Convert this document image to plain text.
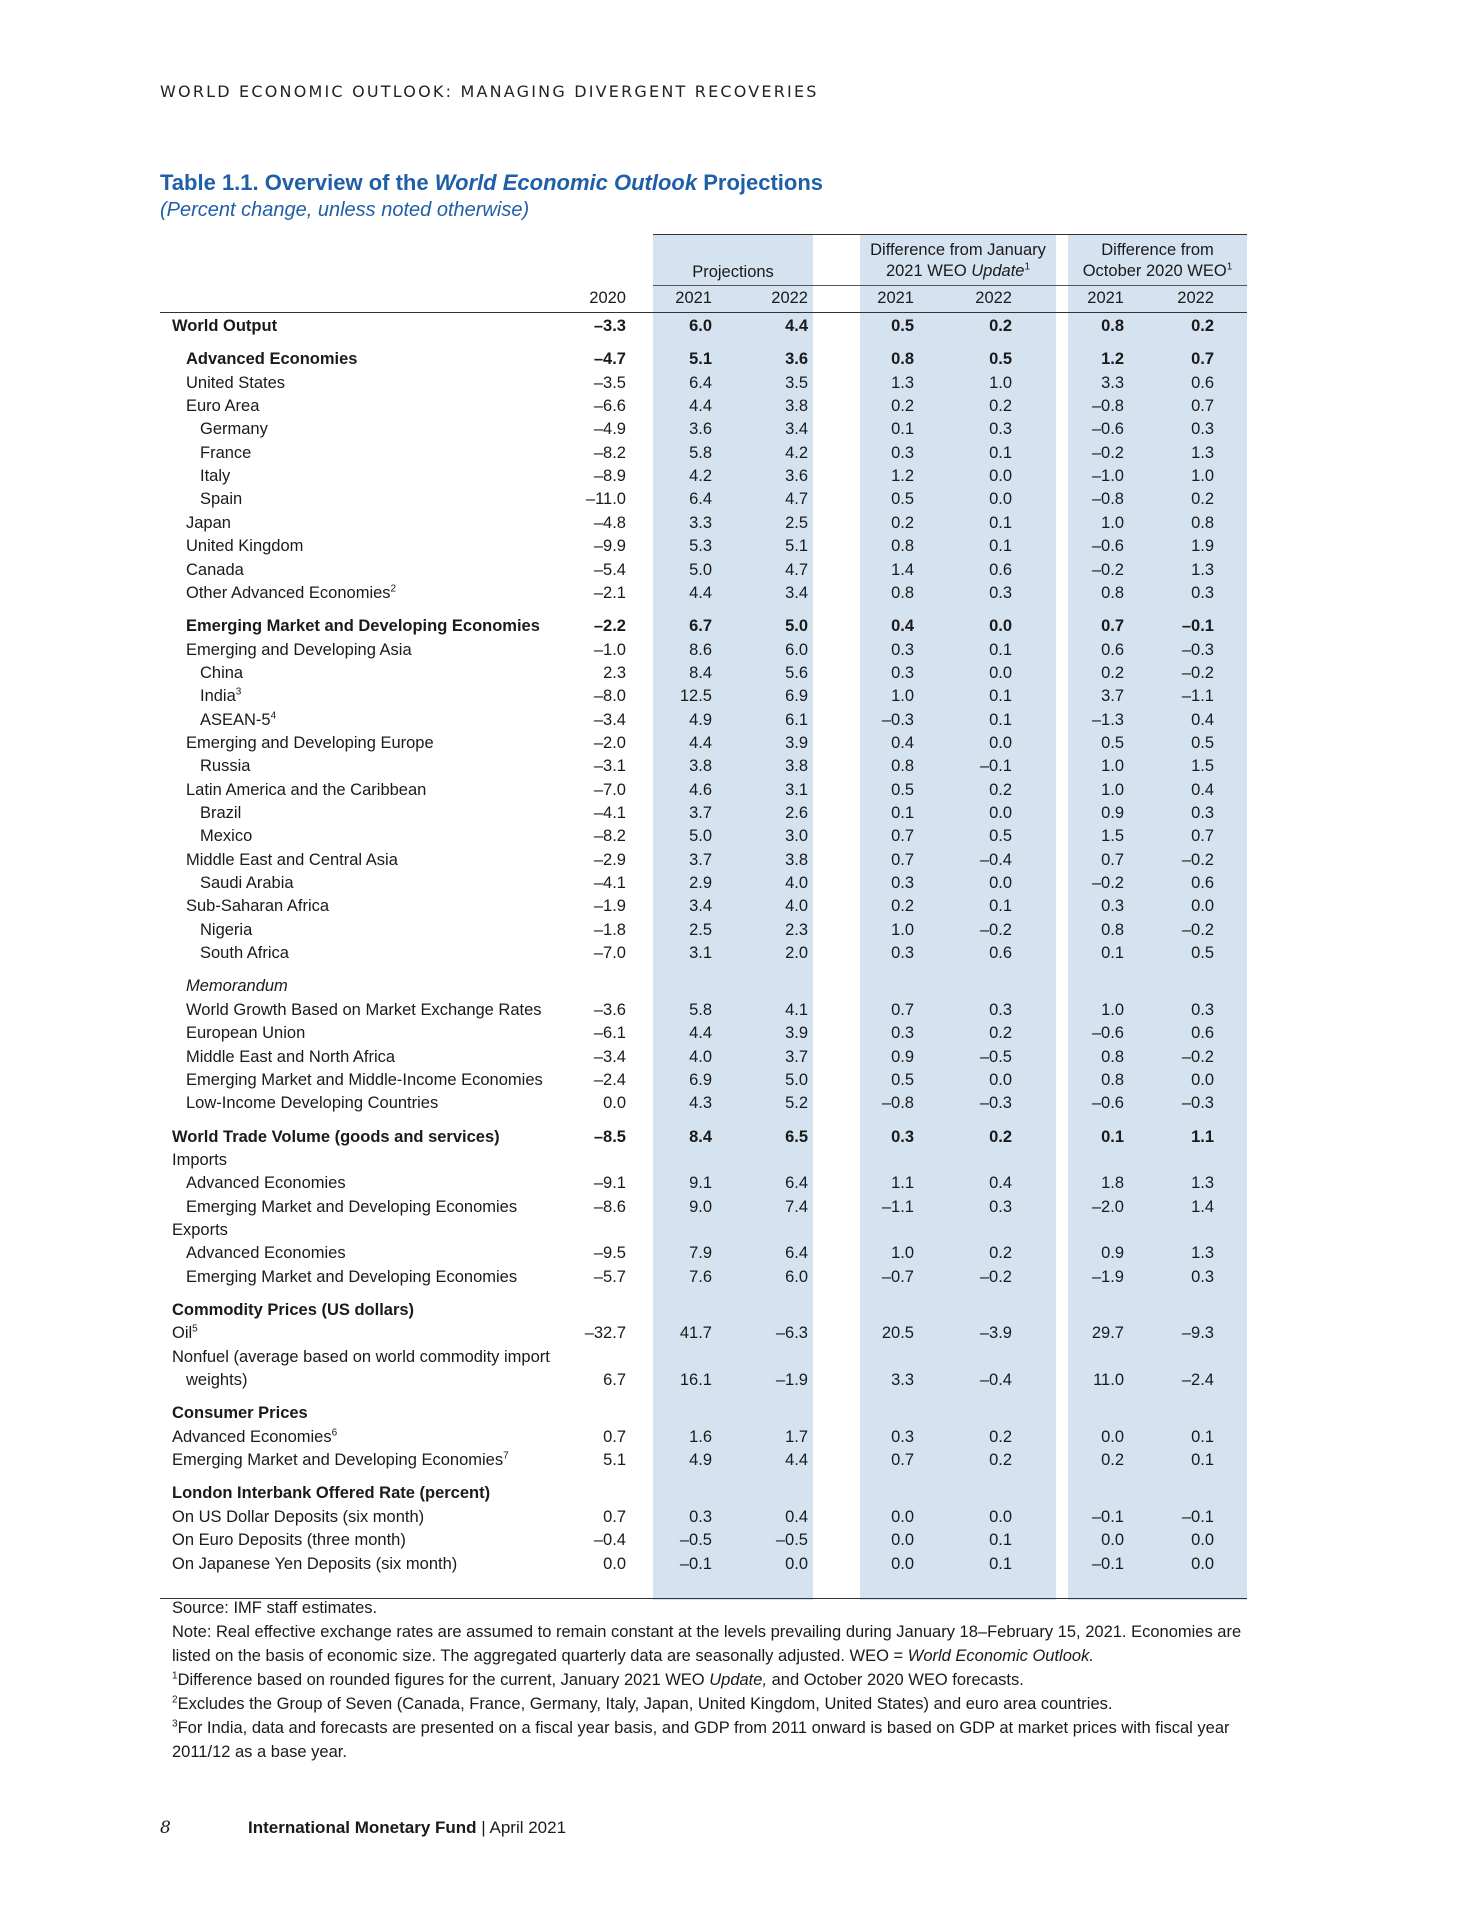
WORLD ECONOMIC OUTLOOK: MANAGING DIVERGENT RECOVERIES
Table 1.1. Overview of the World Economic Outlook Projections
(Percent change, unless noted otherwise)
Projections
Difference from January
2021 WEO Update$^1$
Difference from
October 2020 WEO$^1$
2020	2021	2022	2021	2022	2021	2022
World Output	–3.3	6.0	4.4	0.5	0.2	0.8	0.2
Advanced Economies	–4.7	5.1	3.6	0.8	0.5	1.2	0.7
United States	–3.5	6.4	3.5	1.3	1.0	3.3	0.6
Euro Area	–6.6	4.4	3.8	0.2	0.2	–0.8	0.7
Germany	–4.9	3.6	3.4	0.1	0.3	–0.6	0.3
France	–8.2	5.8	4.2	0.3	0.1	–0.2	1.3
Italy	–8.9	4.2	3.6	1.2	0.0	–1.0	1.0
Spain	–11.0	6.4	4.7	0.5	0.0	–0.8	0.2
Japan	–4.8	3.3	2.5	0.2	0.1	1.0	0.8
United Kingdom	–9.9	5.3	5.1	0.8	0.1	–0.6	1.9
Canada	–5.4	5.0	4.7	1.4	0.6	–0.2	1.3
Other Advanced Economies$^2$	–2.1	4.4	3.4	0.8	0.3	0.8	0.3
Emerging Market and Developing Economies	–2.2	6.7	5.0	0.4	0.0	0.7	–0.1
Emerging and Developing Asia	–1.0	8.6	6.0	0.3	0.1	0.6	–0.3
China	2.3	8.4	5.6	0.3	0.0	0.2	–0.2
India$^3$	–8.0	12.5	6.9	1.0	0.1	3.7	–1.1
ASEAN-$5^4$	–3.4	4.9	6.1	–0.3	0.1	–1.3	0.4
Emerging and Developing Europe	–2.0	4.4	3.9	0.4	0.0	0.5	0.5
Russia	–3.1	3.8	3.8	0.8	–0.1	1.0	1.5
Latin America and the Caribbean	–7.0	4.6	3.1	0.5	0.2	1.0	0.4
Brazil	–4.1	3.7	2.6	0.1	0.0	0.9	0.3
Mexico	–8.2	5.0	3.0	0.7	0.5	1.5	0.7
Middle East and Central Asia	–2.9	3.7	3.8	0.7	–0.4	0.7	–0.2
Saudi Arabia	–4.1	2.9	4.0	0.3	0.0	–0.2	0.6
Sub-Saharan Africa	–1.9	3.4	4.0	0.2	0.1	0.3	0.0
Nigeria	–1.8	2.5	2.3	1.0	–0.2	0.8	–0.2
South Africa	–7.0	3.1	2.0	0.3	0.6	0.1	0.5
Memorandum
World Growth Based on Market Exchange Rates	–3.6	5.8	4.1	0.7	0.3	1.0	0.3
European Union	–6.1	4.4	3.9	0.3	0.2	–0.6	0.6
Middle East and North Africa	–3.4	4.0	3.7	0.9	–0.5	0.8	–0.2
Emerging Market and Middle-Income Economies	–2.4	6.9	5.0	0.5	0.0	0.8	0.0
Low-Income Developing Countries	0.0	4.3	5.2	–0.8	–0.3	–0.6	–0.3
World Trade Volume (goods and services)	–8.5	8.4	6.5	0.3	0.2	0.1	1.1
Imports
Advanced Economies	–9.1	9.1	6.4	1.1	0.4	1.8	1.3
Emerging Market and Developing Economies	–8.6	9.0	7.4	–1.1	0.3	–2.0	1.4
Exports
Advanced Economies	–9.5	7.9	6.4	1.0	0.2	0.9	1.3
Emerging Market and Developing Economies	–5.7	7.6	6.0	–0.7	–0.2	–1.9	0.3
Commodity Prices (US dollars)
Oil$^5$	–32.7	41.7	–6.3	20.5	–3.9	29.7	–9.3
Nonfuel (average based on world commodity import
weights)	6.7	16.1	–1.9	3.3	–0.4	11.0	–2.4
Consumer Prices
Advanced Economies$^6$	0.7	1.6	1.7	0.3	0.2	0.0	0.1
Emerging Market and Developing Economies$^7$	5.1	4.9	4.4	0.7	0.2	0.2	0.1
London Interbank Offered Rate (percent)
On US Dollar Deposits (six month)	0.7	0.3	0.4	0.0	0.0	–0.1	–0.1
On Euro Deposits (three month)	–0.4	–0.5	–0.5	0.0	0.1	0.0	0.0
On Japanese Yen Deposits (six month)	0.0	–0.1	0.0	0.0	0.1	–0.1	0.0

Source: IMF staff estimates.

Note: Real effective exchange rates are assumed to remain constant at the levels prevailing during January 18–February 15, 2021. Economies are listed on the basis of economic size. The aggregated quarterly data are seasonally adjusted. WEO = World Economic Outlook.

$^1$Difference based on rounded figures for the current, January 2021 WEO Update, and October 2020 WEO forecasts.

$^2$Excludes the Group of Seven (Canada, France, Germany, Italy, Japan, United Kingdom, United States) and euro area countries.

$^3$For India, data and forecasts are presented on a fiscal year basis, and GDP from 2011 onward is based on GDP at market prices with fiscal year 2011/12 as a base year.

8	International Monetary Fund | April 2021
